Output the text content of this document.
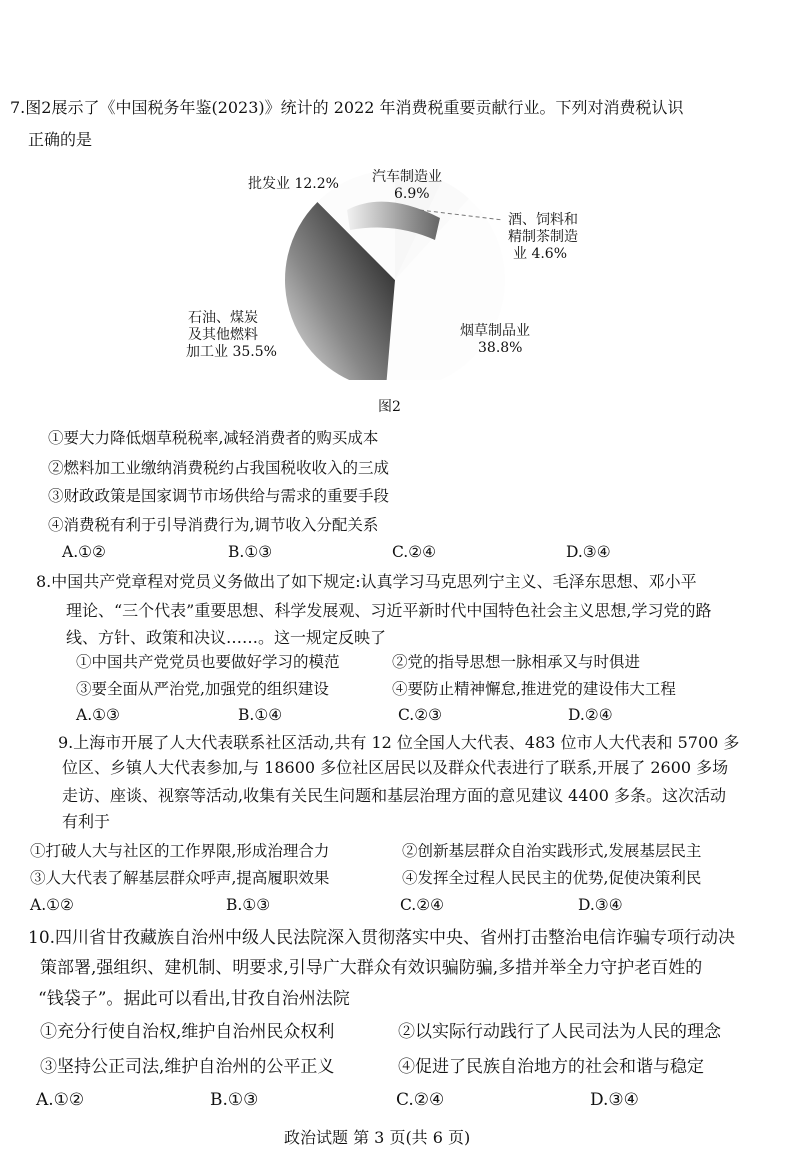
7.图2展示了《中国税务年鉴(2023)》统计的 2022 年消费税重要贡献行业。下列对消费税认识
正确的是
批发业 12.2% 汽车制造业
6.9%
酒、饲料和
精制茶制造
业 4.6%
石油、煤炭
及其他燃料
加工业 35.5%
烟草制品业
38.8%
图2
①要大力降低烟草税税率,减轻消费者的购买成本
②燃料加工业缴纳消费税约占我国税收收入的三成
③财政政策是国家调节市场供给与需求的重要手段
④消费税有利于引导消费行为,调节收入分配关系
A.①②	B.①③	C.②④	D.③④
8.中国共产党章程对党员义务做出了如下规定:认真学习马克思列宁主义、毛泽东思想、邓小平
理论、“三个代表”重要思想、科学发展观、习近平新时代中国特色社会主义思想,学习党的路
线、方针、政策和决议……。这一规定反映了
①中国共产党党员也要做好学习的模范	②党的指导思想一脉相承又与时俱进
③要全面从严治党,加强党的组织建设	④要防止精神懈怠,推进党的建设伟大工程
A.①③	B.①④	C.②③	D.②④
9.上海市开展了人大代表联系社区活动,共有 12 位全国人大代表、483 位市人大代表和 5700 多
位区、乡镇人大代表参加,与 18600 多位社区居民以及群众代表进行了联系,开展了 2600 多场
走访、座谈、视察等活动,收集有关民生问题和基层治理方面的意见建议 4400 多条。这次活动
有利于
①打破人大与社区的工作界限,形成治理合力	②创新基层群众自治实践形式,发展基层民主
③人大代表了解基层群众呼声,提高履职效果	④发挥全过程人民民主的优势,促使决策利民
A.①②	B.①③	C.②④	D.③④
10.四川省甘孜藏族自治州中级人民法院深入贯彻落实中央、省州打击整治电信诈骗专项行动决
策部署,强组织、建机制、明要求,引导广大群众有效识骗防骗,多措并举全力守护老百姓的
“钱袋子”。据此可以看出,甘孜自治州法院
①充分行使自治权,维护自治州民众权利	②以实际行动践行了人民司法为人民的理念
③坚持公正司法,维护自治州的公平正义	④促进了民族自治地方的社会和谐与稳定
A.①②	B.①③	C.②④	D.③④
政治试题 第 3 页(共 6 页)
